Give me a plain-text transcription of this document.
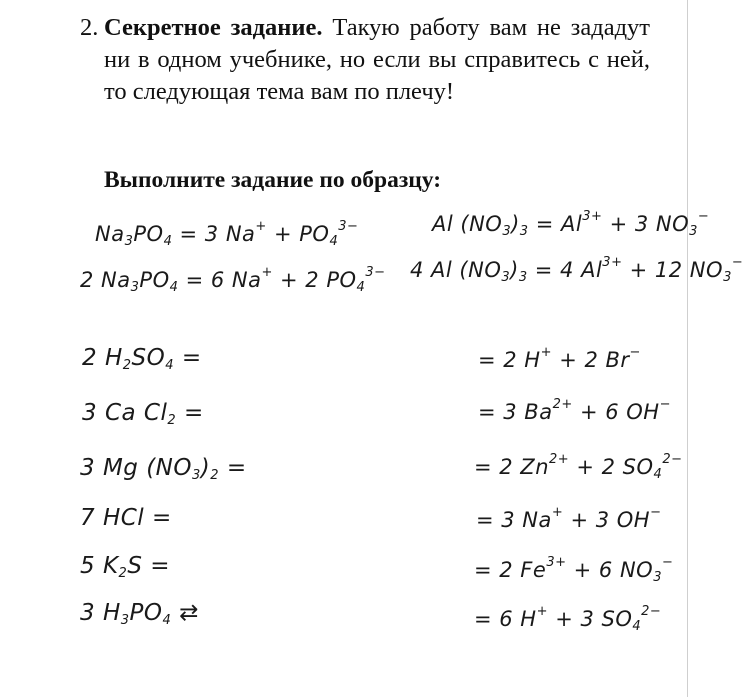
2. Секретное задание. Такую работу вам не зададут ни в одном учебнике, но если вы справитесь с ней, то следующая тема вам по плечу!
Выполните задание по образцу:
$Na_3PO_4 = 3$ $Na^+ + PO_4^{3-}$
2 $Na_3PO_4 = 6$ Na+ + 2 $PO_4^{3-}$
Al $(NO_3)_3 = Al^{3+} + 3$ $NO_3^-$
4 Al $(NO_3)_3 = 4$ $Al^{3+} + 12$ $NO_3^-$
2 $H_2SO_4$ =
3 Ca $Cl_2$ =
3 Mg $(NO_3)_2$ =
7 HCl =
5 $K_2S$ =
3 $H_3PO_4$ ⇄
= 2 H+ + 2 Br−
= 3 $Ba^{2+} + 6$ OH−
= 2 $Zn^{2+} + 2$ $SO_4^{2-}$
= 3 Na+ + 3 OH−
= 2 $Fe^{3+} + 6$ $NO_3^-$
= 6 H+ + 3 $SO_4^{2-}$
